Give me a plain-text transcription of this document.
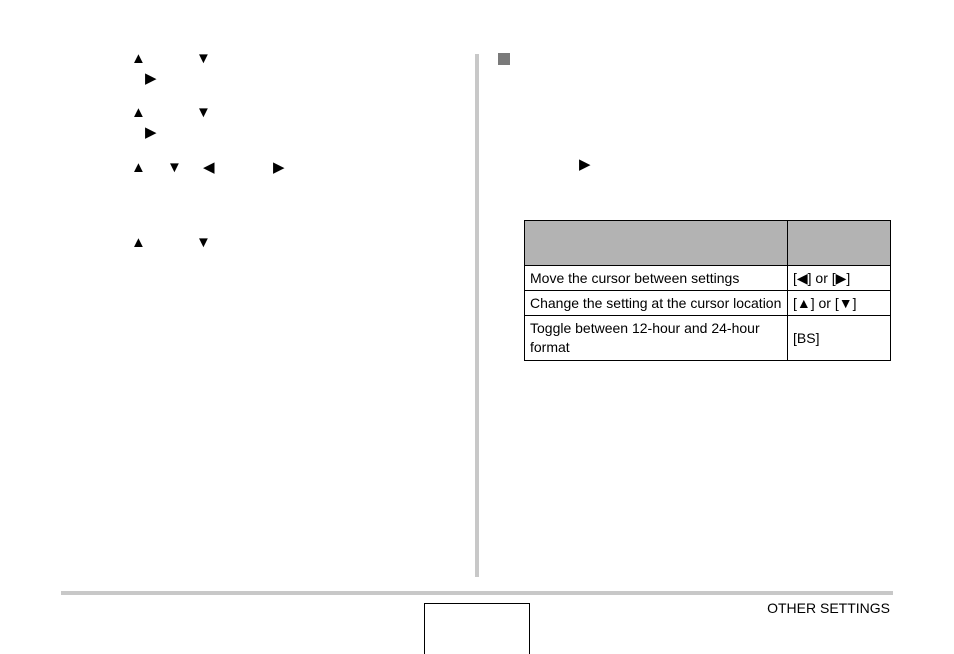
▲	▼
▶
▲	▼
▶
▲ ▼ ◀	▶
▲	▼
▶

Move the cursor between settings	[◀] or [▶]
Change the setting at the cursor location	[▲] or [▼]
Toggle between 12-hour and 24-hour format	[BS]
OTHER SETTINGS
